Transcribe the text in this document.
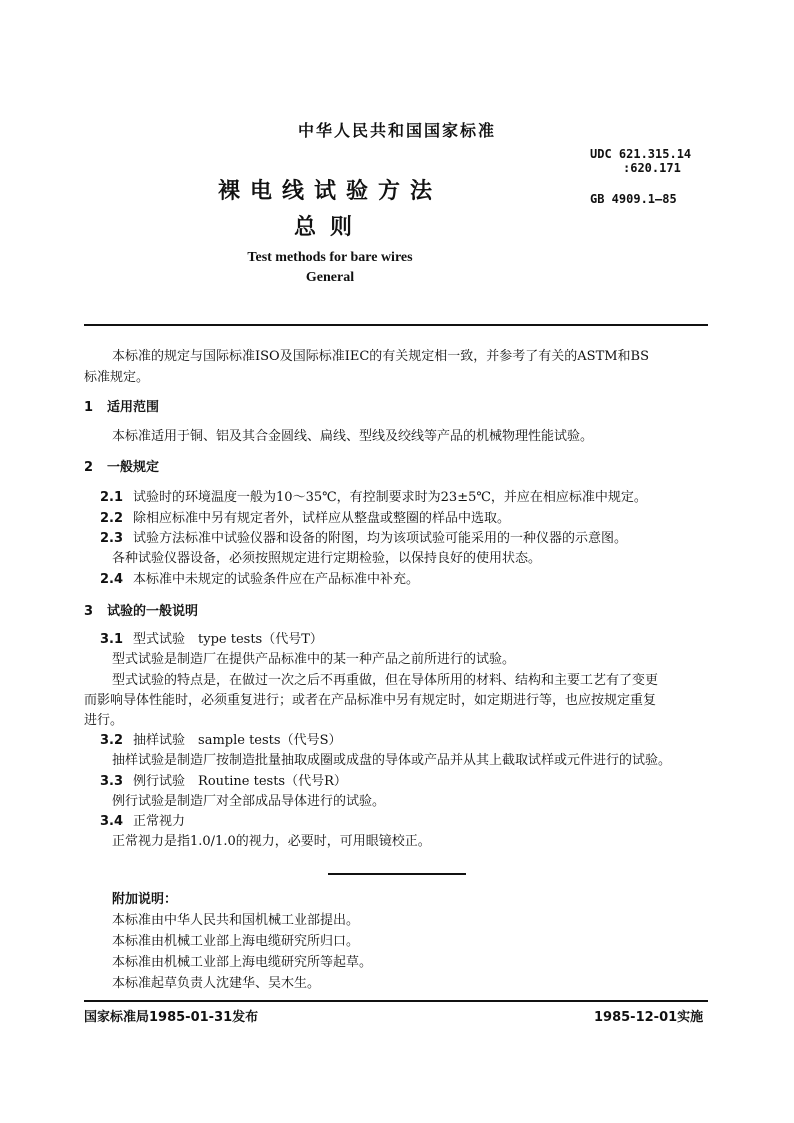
中华人民共和国国家标准
UDC 621.315.14
:620.171
GB 4909.1—85
裸电线试验方法
总则
Test methods for bare wires
General
本标准的规定与国际标准ISO及国际标准IEC的有关规定相一致，并参考了有关的ASTM和BS
标准规定。
1 适用范围
本标准适用于铜、铝及其合金圆线、扁线、型线及绞线等产品的机械物理性能试验。
2 一般规定
2.1 试验时的环境温度一般为10～35℃，有控制要求时为23±5℃，并应在相应标准中规定。
2.2 除相应标准中另有规定者外，试样应从整盘或整圈的样品中选取。
2.3 试验方法标准中试验仪器和设备的附图，均为该项试验可能采用的一种仪器的示意图。
各种试验仪器设备，必须按照规定进行定期检验，以保持良好的使用状态。
2.4 本标准中未规定的试验条件应在产品标准中补充。
3 试验的一般说明
3.1 型式试验　type tests（代号T）
型式试验是制造厂在提供产品标准中的某一种产品之前所进行的试验。
型式试验的特点是，在做过一次之后不再重做，但在导体所用的材料、结构和主要工艺有了变更
而影响导体性能时，必须重复进行；或者在产品标准中另有规定时，如定期进行等，也应按规定重复
进行。
3.2 抽样试验　sample tests（代号S）
抽样试验是制造厂按制造批量抽取成圈或成盘的导体或产品并从其上截取试样或元件进行的试验。
3.3 例行试验　Routine tests（代号R）
例行试验是制造厂对全部成品导体进行的试验。
3.4 正常视力
正常视力是指1.0/1.0的视力，必要时，可用眼镜校正。
附加说明：
本标准由中华人民共和国机械工业部提出。
本标准由机械工业部上海电缆研究所归口。
本标准由机械工业部上海电缆研究所等起草。
本标准起草负责人沈建华、吴木生。
国家标准局1985-01-31发布	1985-12-01实施
